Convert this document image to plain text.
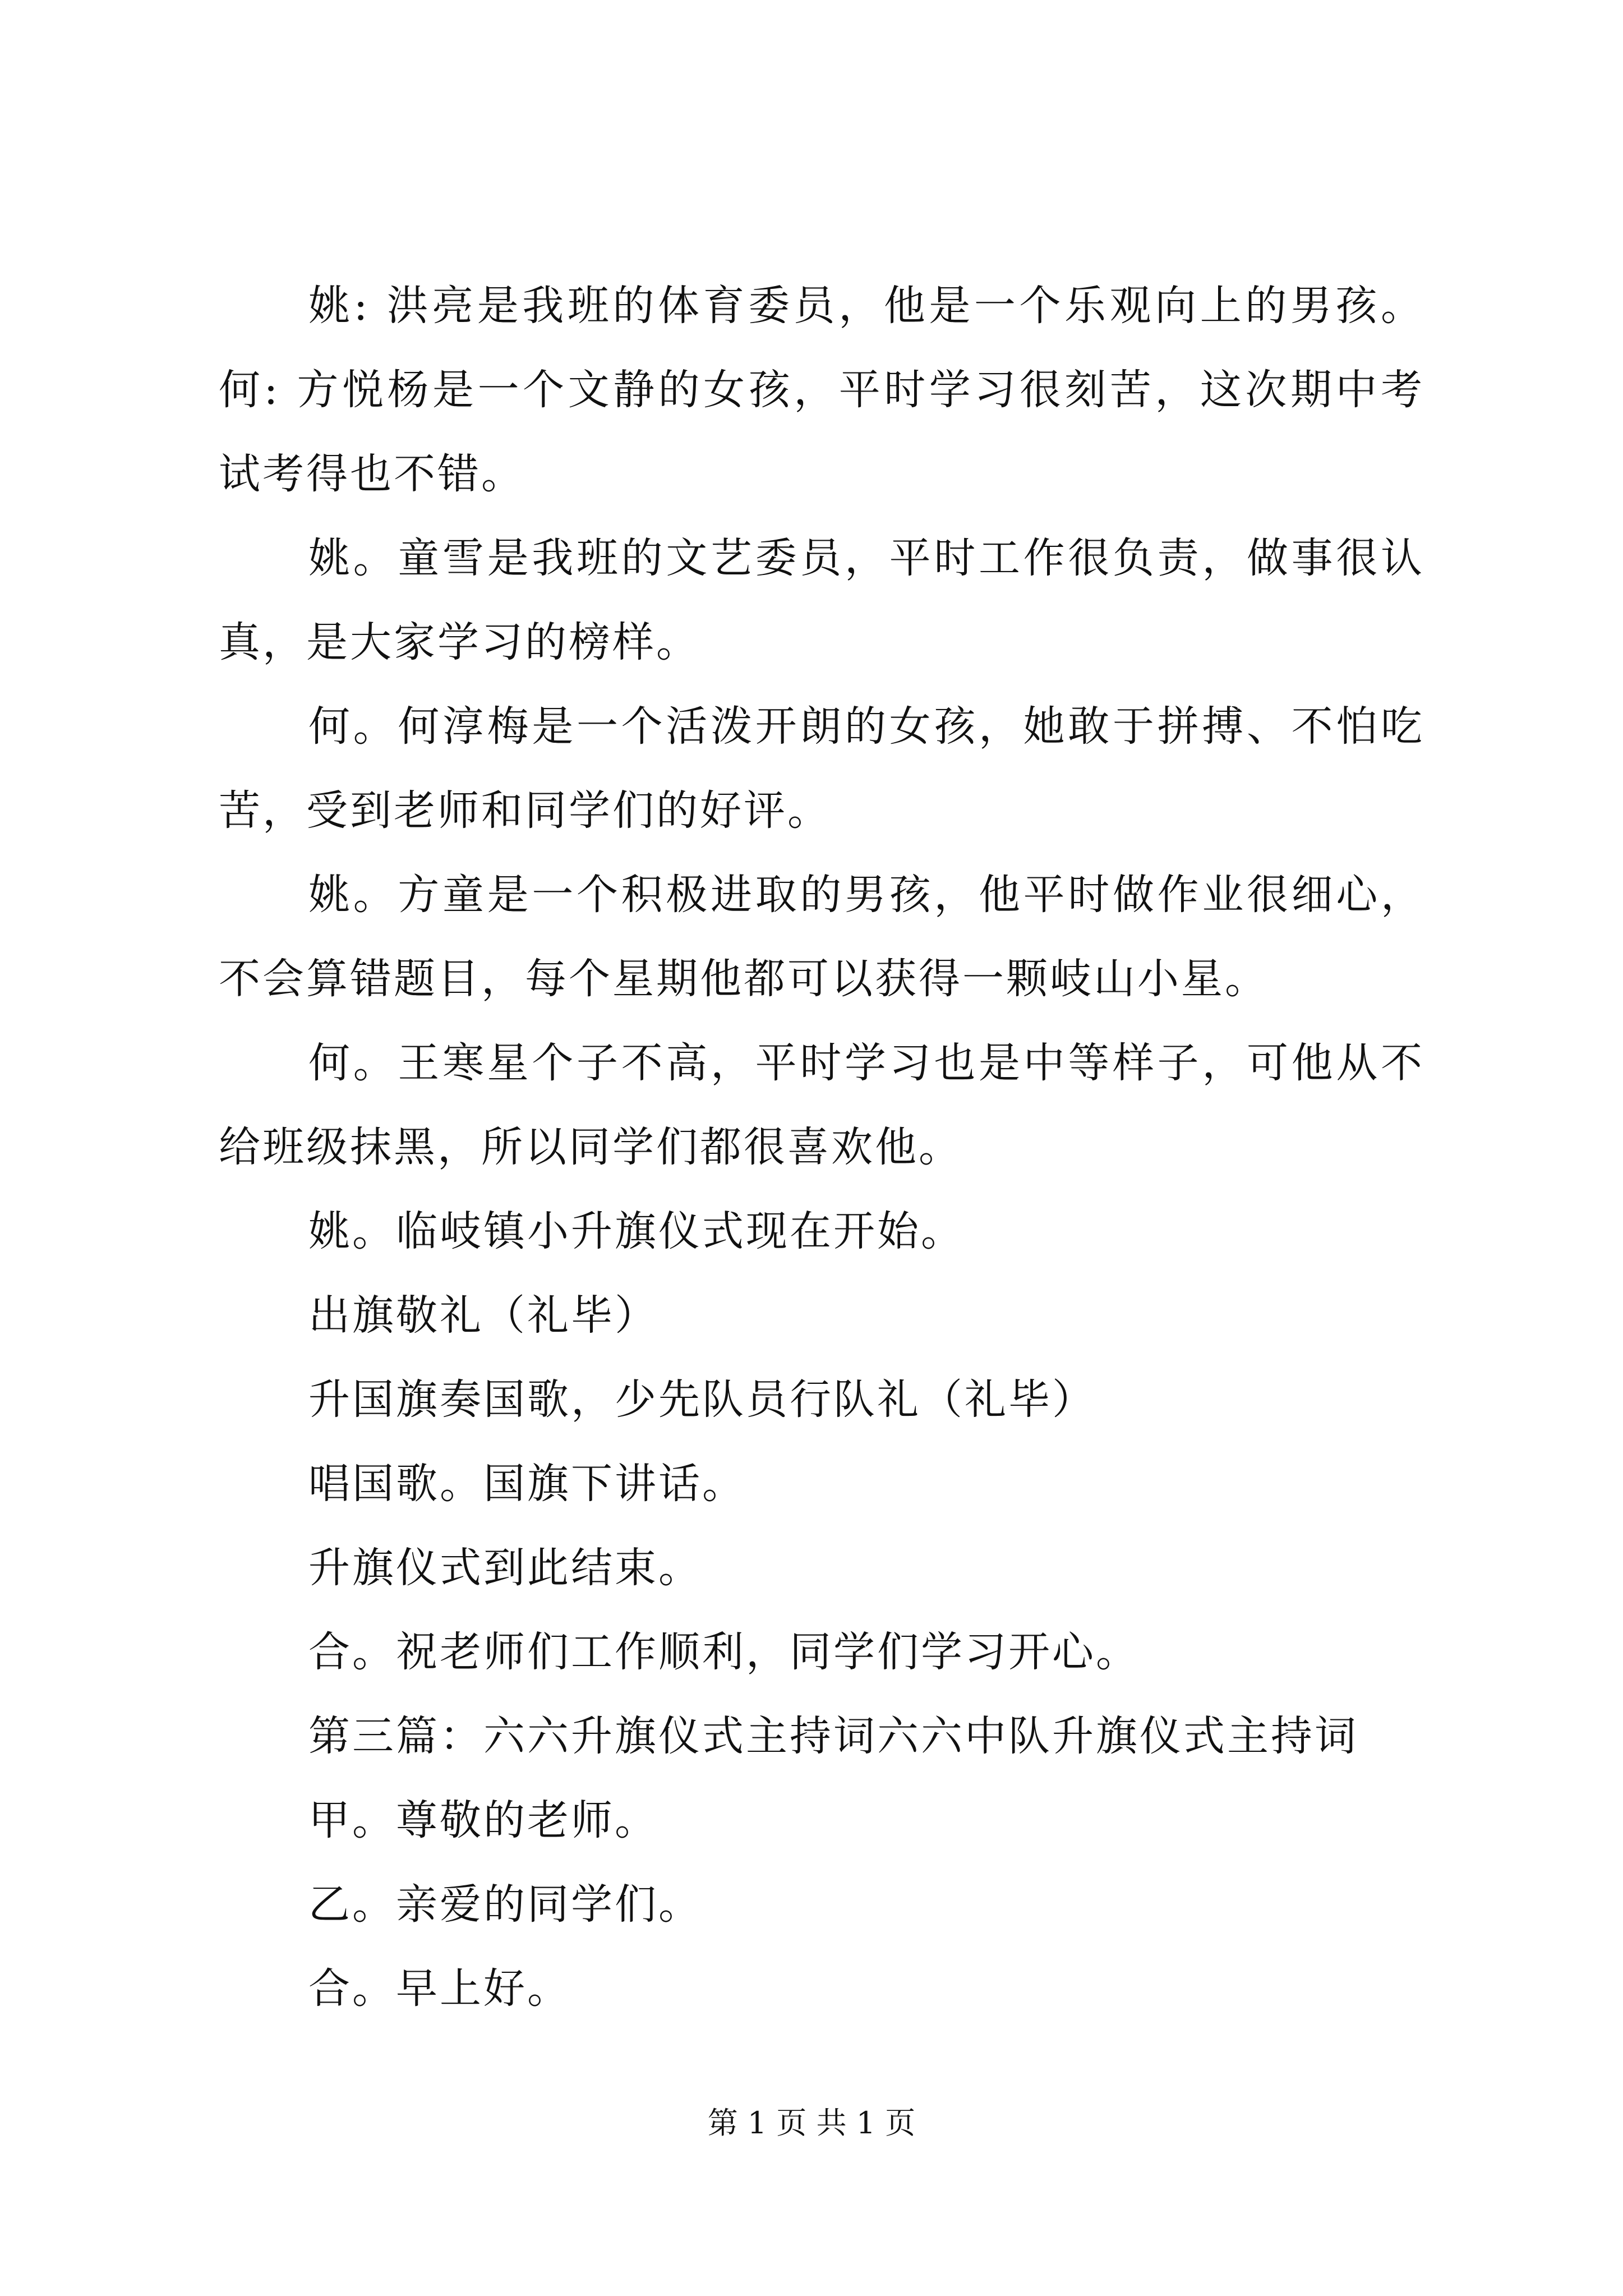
姚: 洪亮是我班的体育委员，他是一个乐观向上的男孩。何: 方悦杨是一个文静的女孩，平时学习很刻苦，这次期中考试考得也不错。

姚。童雪是我班的文艺委员，平时工作很负责，做事很认真，是大家学习的榜样。

何。何淳梅是一个活泼开朗的女孩，她敢于拼搏、不怕吃苦，受到老师和同学们的好评。

姚。方童是一个积极进取的男孩，他平时做作业很细心，不会算错题目，每个星期他都可以获得一颗岐山小星。

何。王寒星个子不高，平时学习也是中等样子，可他从不给班级抹黑，所以同学们都很喜欢他。

姚。临岐镇小升旗仪式现在开始。

出旗敬礼（礼毕）

升国旗奏国歌，少先队员行队礼（礼毕）

唱国歌。国旗下讲话。

升旗仪式到此结束。

合。祝老师们工作顺利，同学们学习开心。

第三篇：六六升旗仪式主持词六六中队升旗仪式主持词

甲。尊敬的老师。

乙。亲爱的同学们。

合。早上好。

第 1 页 共 1 页
